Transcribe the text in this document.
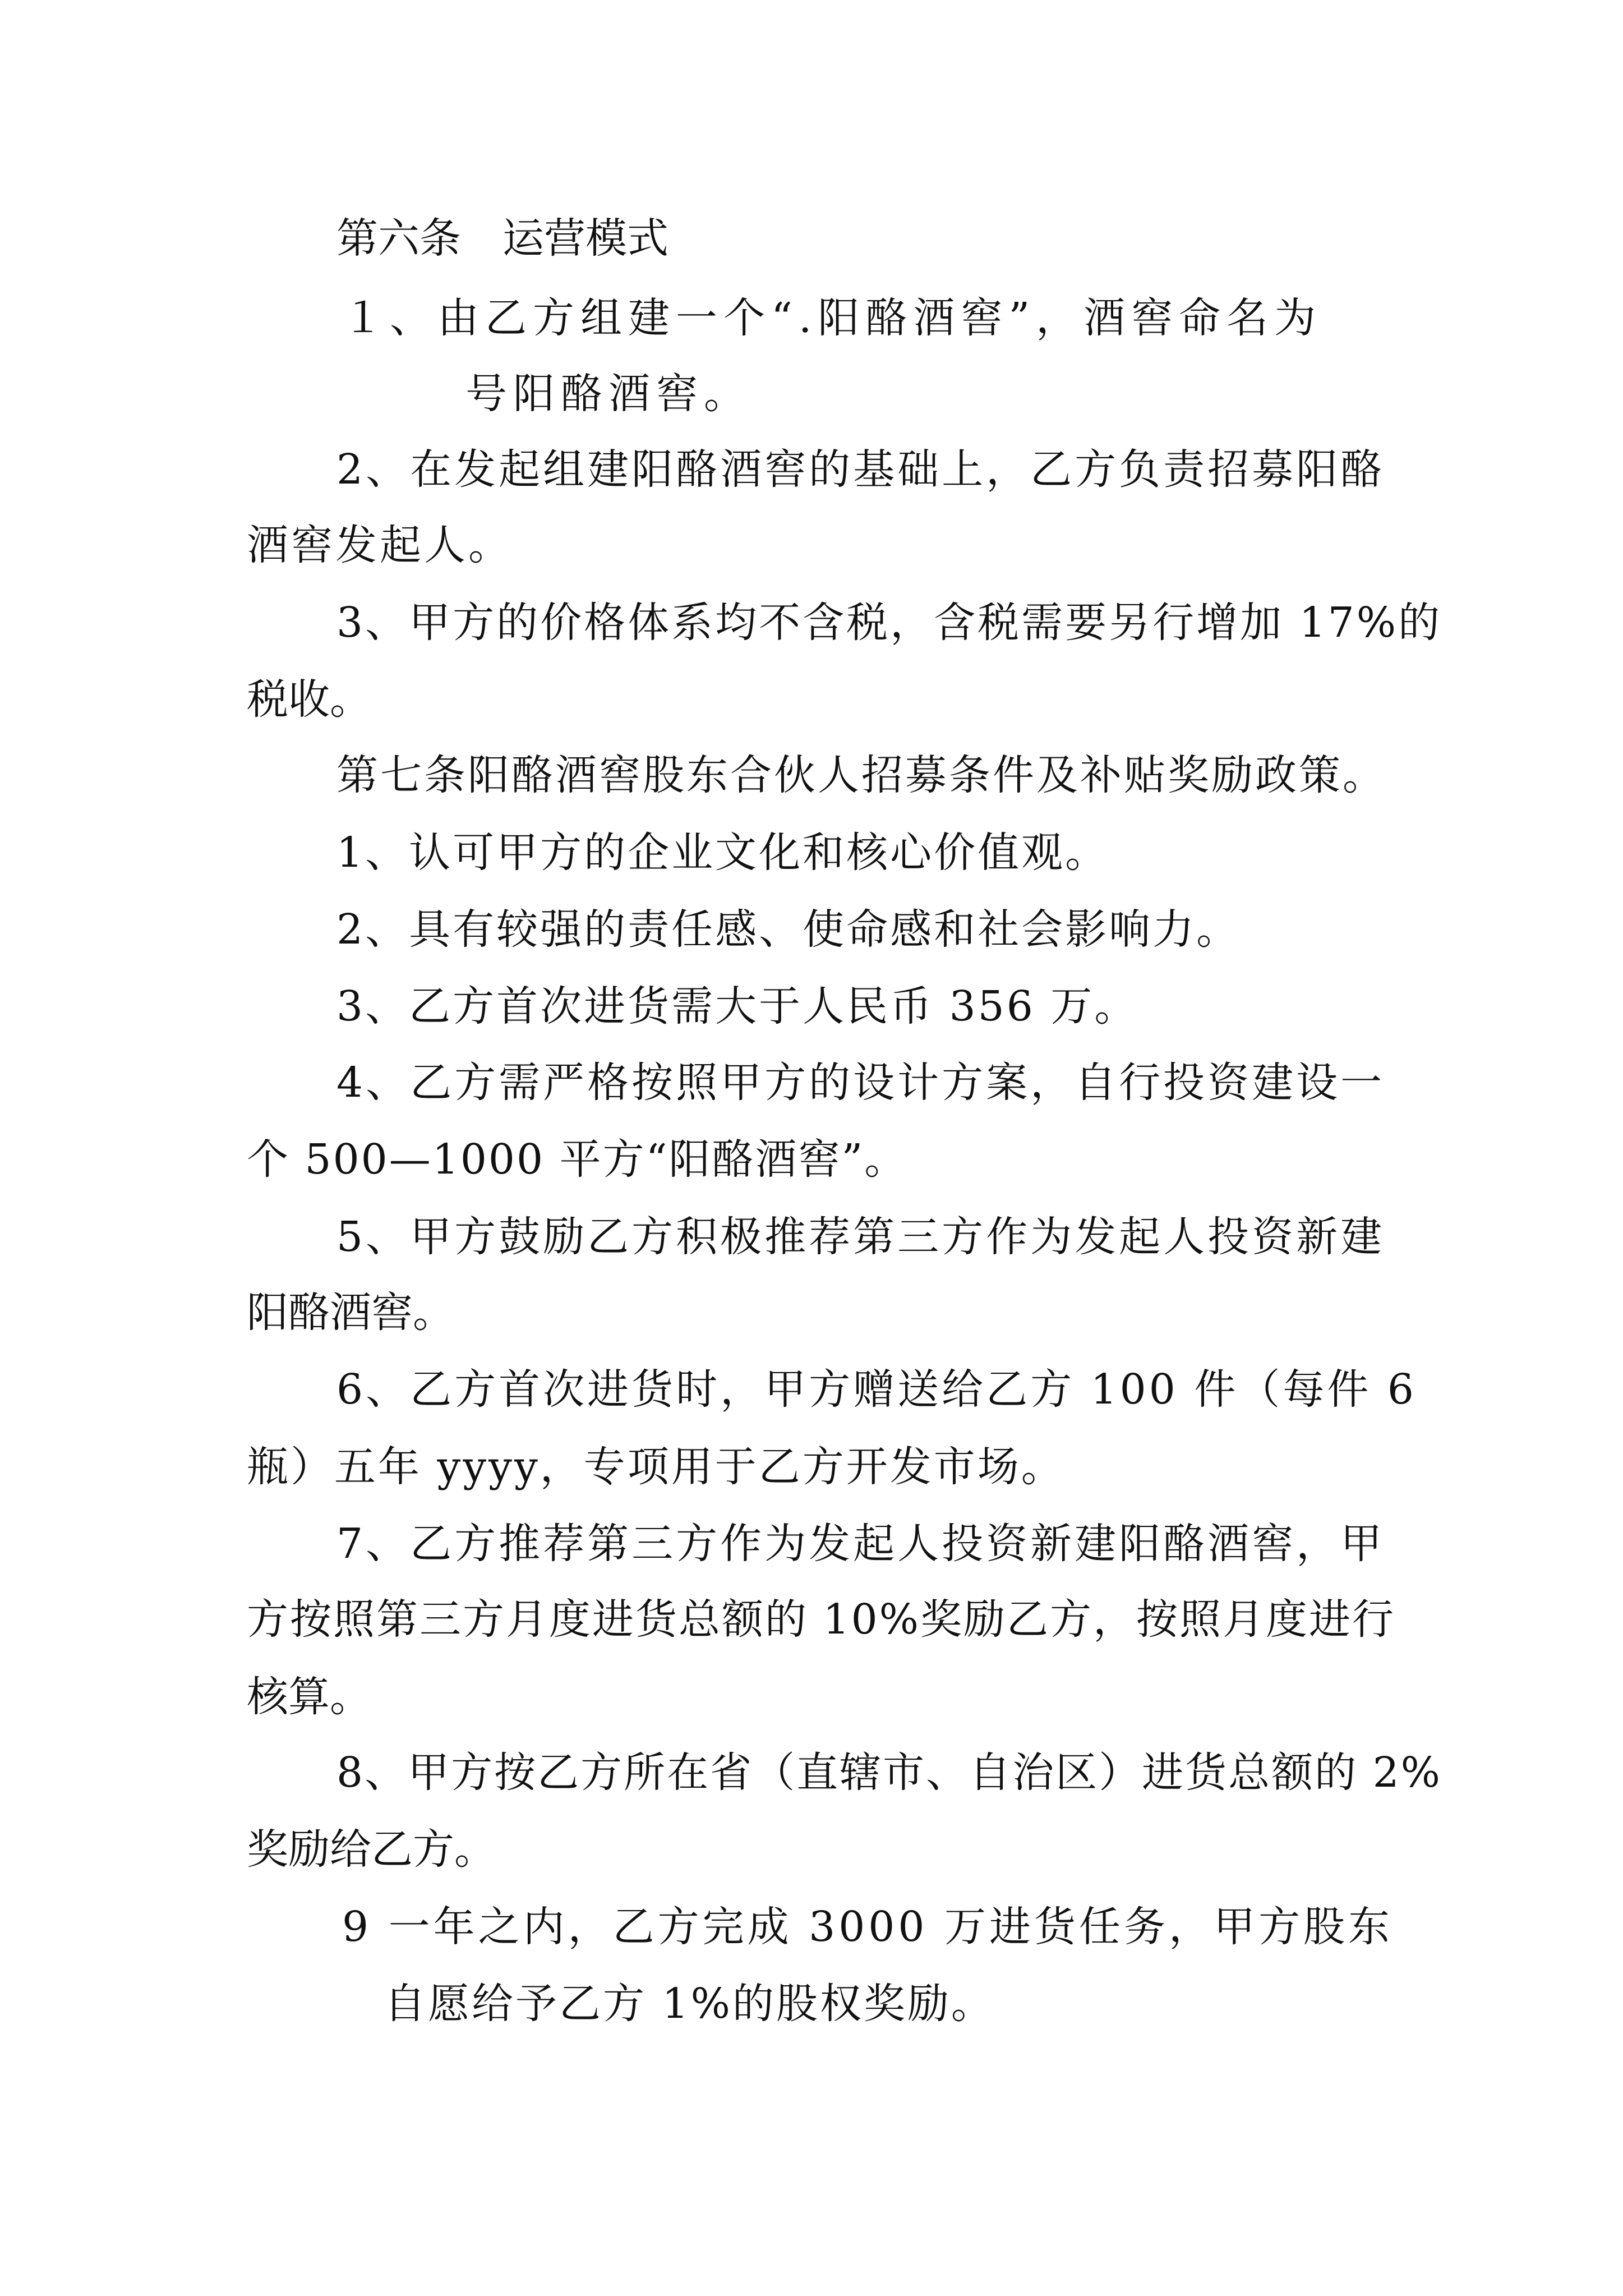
第六条 运营模式
１、由乙方组建一个“.阳酪酒窖”，酒窖命名为
号阳酪酒窖。
2、在发起组建阳酪酒窖的基础上，乙方负责招募阳酪
酒窖发起人。
3、甲方的价格体系均不含税，含税需要另行增加 17%的
税收。
第七条阳酪酒窖股东合伙人招募条件及补贴奖励政策。
1、认可甲方的企业文化和核心价值观。
2、具有较强的责任感、使命感和社会影响力。
3、乙方首次进货需大于人民币 356 万。
4、乙方需严格按照甲方的设计方案，自行投资建设一
个 500—1000 平方“阳酪酒窖”。
5、甲方鼓励乙方积极推荐第三方作为发起人投资新建
阳酪酒窖。
6、乙方首次进货时，甲方赠送给乙方 100 件（每件 6
瓶）五年 yyyy，专项用于乙方开发市场。
7、乙方推荐第三方作为发起人投资新建阳酪酒窖，甲
方按照第三方月度进货总额的 10%奖励乙方，按照月度进行
核算。
8、甲方按乙方所在省（直辖市、自治区）进货总额的 2%
奖励给乙方。
9 一年之内，乙方完成 3000 万进货任务，甲方股东
自愿给予乙方 1%的股权奖励。
